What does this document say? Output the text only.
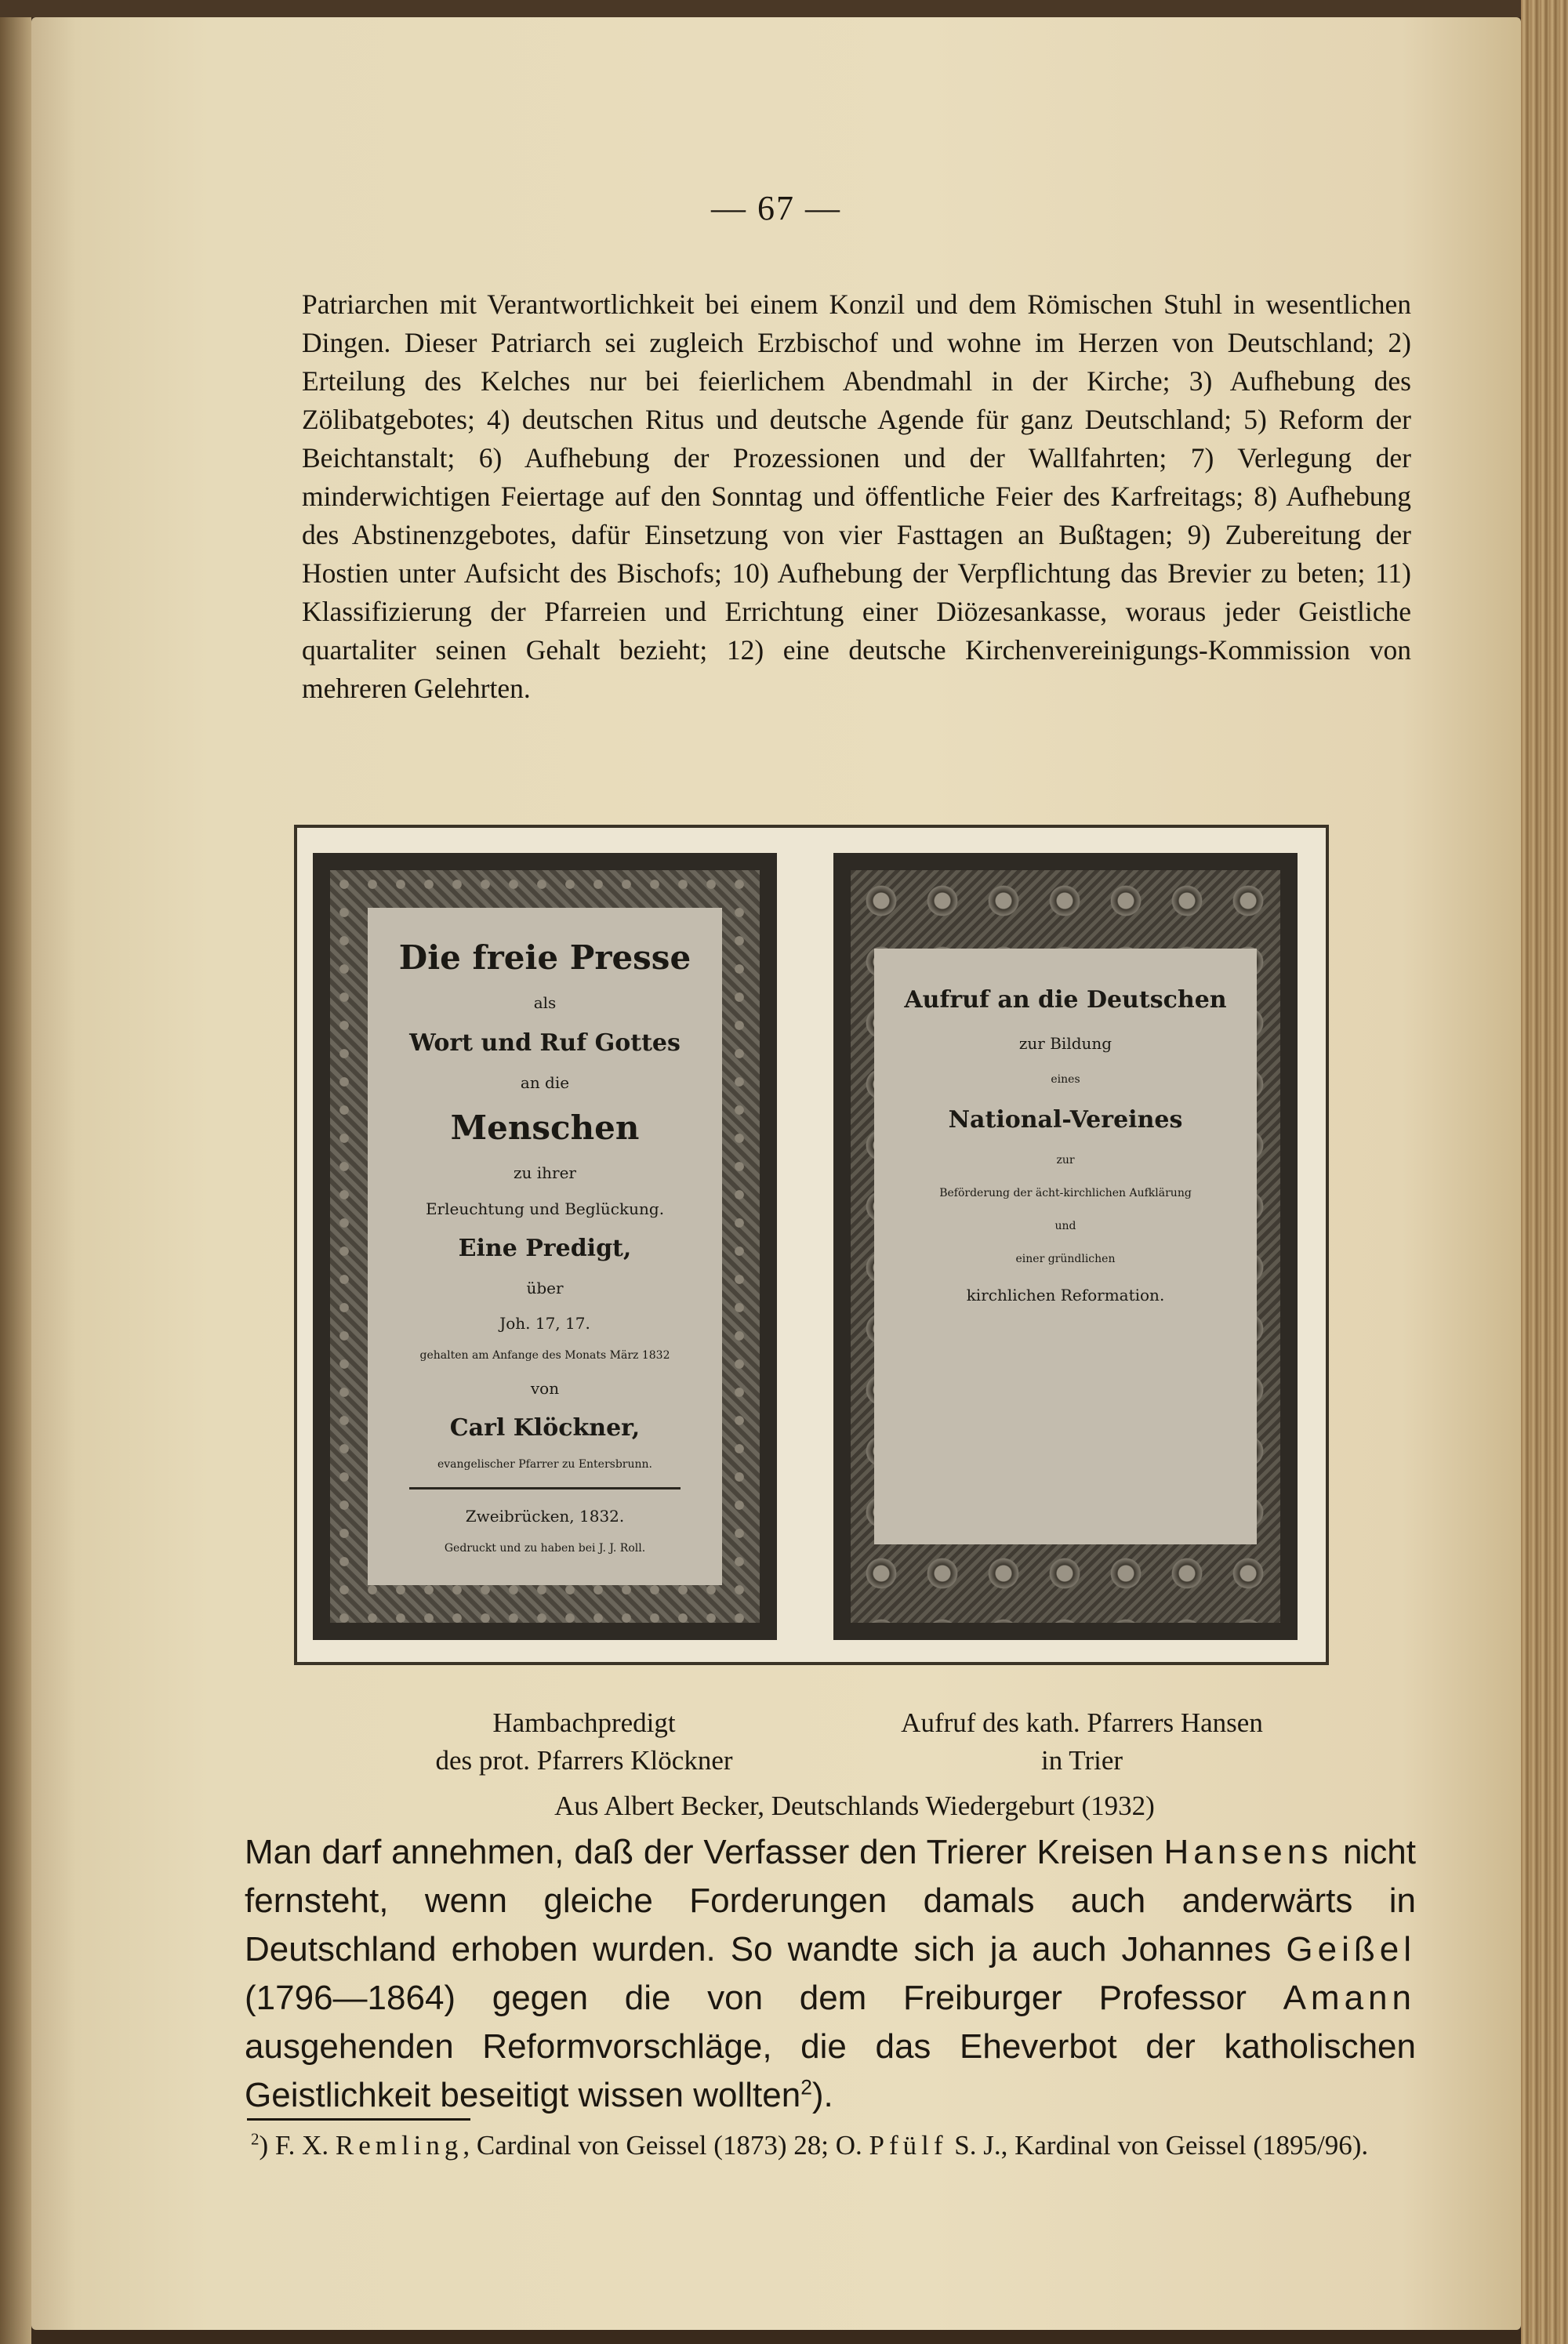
— 67 —
Patriarchen mit Verantwortlichkeit bei einem Konzil und dem Römischen Stuhl in wesentlichen Dingen. Dieser Patriarch sei zugleich Erzbischof und wohne im Herzen von Deutschland; 2) Erteilung des Kelches nur bei feierlichem Abendmahl in der Kirche; 3) Aufhebung des Zölibatgebotes; 4) deutschen Ritus und deutsche Agende für ganz Deutschland; 5) Reform der Beichtanstalt; 6) Aufhebung der Prozessionen und der Wallfahrten; 7) Verlegung der minderwichtigen Feiertage auf den Sonntag und öffentliche Feier des Karfreitags; 8) Aufhebung des Abstinenzgebotes, dafür Einsetzung von vier Fasttagen an Bußtagen; 9) Zubereitung der Hostien unter Aufsicht des Bischofs; 10) Aufhebung der Verpflichtung das Brevier zu beten; 11) Klassifizierung der Pfarreien und Errichtung einer Diözesankasse, woraus jeder Geistliche quartaliter seinen Gehalt bezieht; 12) eine deutsche Kirchenvereinigungs-Kommission von mehreren Gelehrten.
Die freie Presse
als
Wort und Ruf Gottes
an die
Menschen
zu ihrer
Erleuchtung und Beglückung.
Eine Predigt,
über
Joh. 17, 17.
gehalten am Anfange des Monats März 1832
von
Carl Klöckner,
evangelischer Pfarrer zu Entersbrunn.
Zweibrücken, 1832.
Gedruckt und zu haben bei J. J. Roll.
Aufruf an die Deutschen
zur Bildung
eines
National-Vereines
zur
Beförderung der ächt-kirchlichen Aufklärung
und
einer gründlichen
kirchlichen Reformation.
Hambachpredigt
des prot. Pfarrers Klöckner
Aufruf des kath. Pfarrers Hansen
in Trier
Aus Albert Becker, Deutschlands Wiedergeburt (1932)
Man darf annehmen, daß der Verfasser den Trierer Kreisen Hansens nicht fernsteht, wenn gleiche Forderungen damals auch anderwärts in Deutschland erhoben wurden. So wandte sich ja auch Johannes Geißel (1796—1864) gegen die von dem Freiburger Professor Amann ausgehenden Reformvorschläge, die das Eheverbot der katholischen Geistlichkeit beseitigt wissen wollten$^2$).
$^2$) F. X. Remling, Cardinal von Geissel (1873) 28; O. Pfülf S. J., Kardinal von Geissel (1895/96).
